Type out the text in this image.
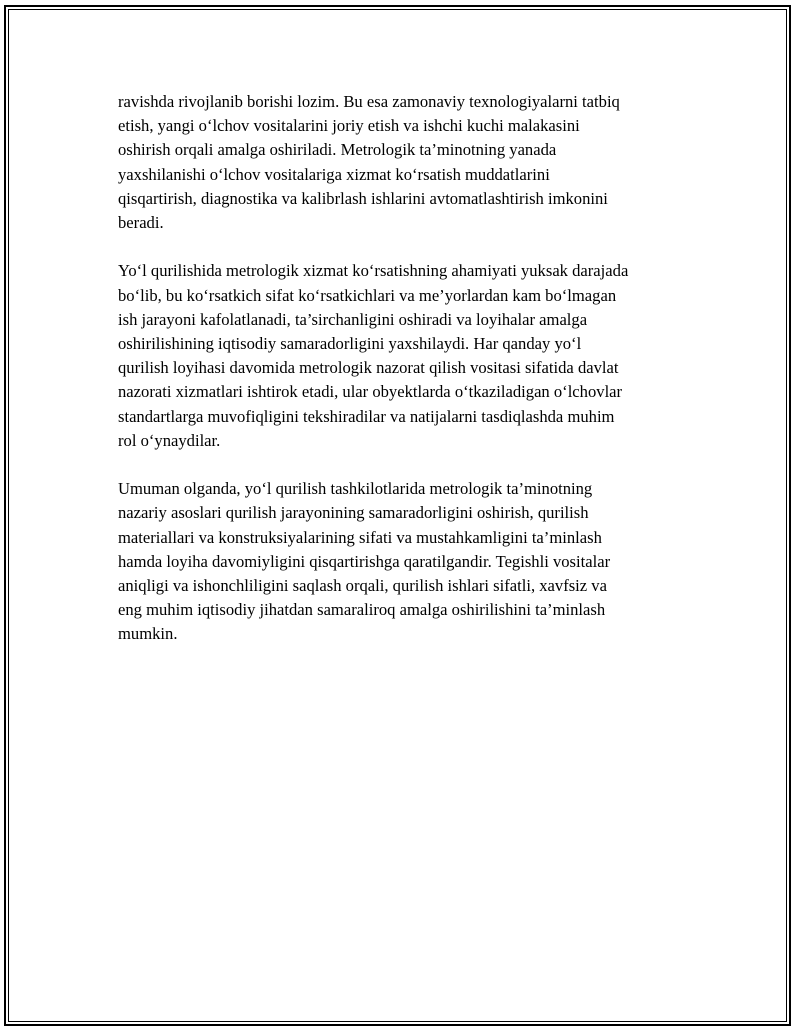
ravishda rivojlanib borishi lozim. Bu esa zamonaviy texnologiyalarni tatbiq
etish, yangi o‘lchov vositalarini joriy etish va ishchi kuchi malakasini
oshirish orqali amalga oshiriladi. Metrologik ta’minotning yanada
yaxshilanishi o‘lchov vositalariga xizmat ko‘rsatish muddatlarini
qisqartirish, diagnostika va kalibrlash ishlarini avtomatlashtirish imkonini
beradi.

Yo‘l qurilishida metrologik xizmat ko‘rsatishning ahamiyati yuksak darajada
bo‘lib, bu ko‘rsatkich sifat ko‘rsatkichlari va me’yorlardan kam bo‘lmagan
ish jarayoni kafolatlanadi, ta’sirchanligini oshiradi va loyihalar amalga
oshirilishining iqtisodiy samaradorligini yaxshilaydi. Har qanday yo‘l
qurilish loyihasi davomida metrologik nazorat qilish vositasi sifatida davlat
nazorati xizmatlari ishtirok etadi, ular obyektlarda o‘tkaziladigan o‘lchovlar
standartlarga muvofiqligini tekshiradilar va natijalarni tasdiqlashda muhim
rol o‘ynaydilar.

Umuman olganda, yo‘l qurilish tashkilotlarida metrologik ta’minotning
nazariy asoslari qurilish jarayonining samaradorligini oshirish, qurilish
materiallari va konstruksiyalarining sifati va mustahkamligini ta’minlash
hamda loyiha davomiyligini qisqartirishga qaratilgandir. Tegishli vositalar
aniqligi va ishonchliligini saqlash orqali, qurilish ishlari sifatli, xavfsiz va
eng muhim iqtisodiy jihatdan samaraliroq amalga oshirilishini ta’minlash
mumkin.
